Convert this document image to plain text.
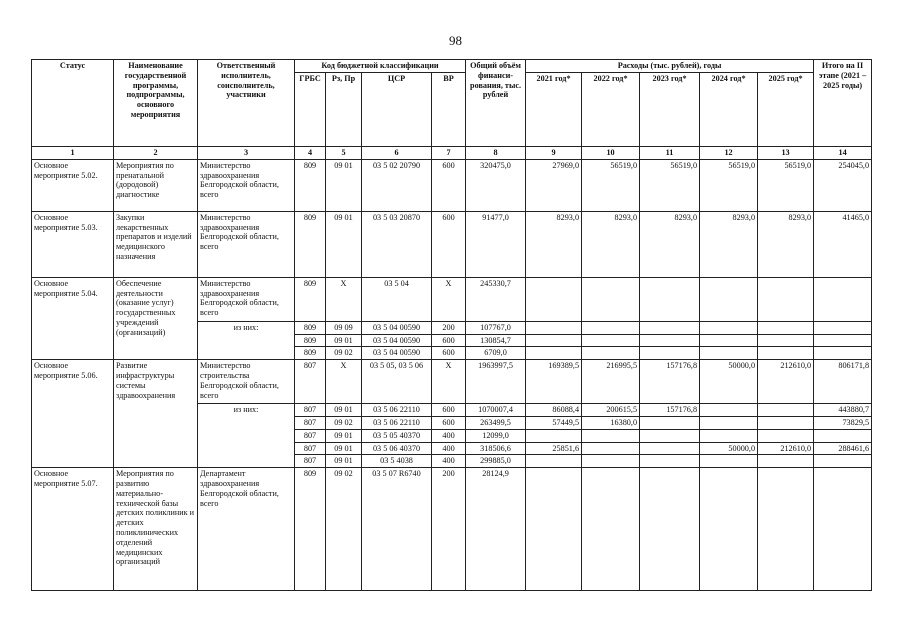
98
Статус	Наименование государственной программы, подпрограммы, основного мероприятия	Ответственный исполнитель, соисполнитель, участники	Код бюджетной классификации				Общий объём финанси-рования, тыс. рублей	Расходы (тыс. рублей), годы					Итого на II этапе (2021 – 2025 годы)
			ГРБС	Рз, Пр	ЦСР	ВР		2021 год*	2022 год*	2023 год*	2024 год*	2025 год*	
1	2	3	4	5	6	7	8	9	10	11	12	13	14
Основное мероприятие 5.02.	Мероприятия по пренатальной (дородовой) диагностике	Министерство здравоохранения Белгородской области, всего	809	09 01	03 5 02 20790	600	320475,0	27969,0	56519,0	56519,0	56519,0	56519,0	254045,0
Основное мероприятие 5.03.	Закупки лекарственных препаратов и изделий медицинского назначения	Министерство здравоохранения Белгородской области, всего	809	09 01	03 5 03 20870	600	91477,0	8293,0	8293,0	8293,0	8293,0	8293,0	41465,0
Основное мероприятие 5.04.	Обеспечение деятельности (оказание услуг) государственных учреждений (организаций)	Министерство здравоохранения Белгородской области, всего	809	Х	03 5 04	Х	245330,7						
		из них:	809	09 09	03 5 04 00590	200	107767,0						
			809	09 01	03 5 04 00590	600	130854,7						
			809	09 02	03 5 04 00590	600	6709,0						
Основное мероприятие 5.06.	Развитие инфраструктуры системы здравоохранения	Министерство строительства Белгородской области, всего	807	Х	03 5 05, 03 5 06	Х	1963997,5	169389,5	216995,5	157176,8	50000,0	212610,0	806171,8
		из них:	807	09 01	03 5 06 22110	600	1070007,4	86088,4	200615,5	157176,8			443880,7
			807	09 02	03 5 06 22110	600	263499,5	57449,5	16380,0				73829,5
			807	09 01	03 5 05 40370	400	12099,0						
			807	09 01	03 5 06 40370	400	318506,6	25851,6			50000,0	212610,0	288461,6
			807	09 01	03 5 4038	400	299885,0						
Основное мероприятие 5.07.	Мероприятия по развитию материально-технической базы детских поликлиник и детских поликлинических отделений медицинских организаций	Департамент здравоохранения Белгородской области, всего	809	09 02	03 5 07 R6740	200	28124,9						
